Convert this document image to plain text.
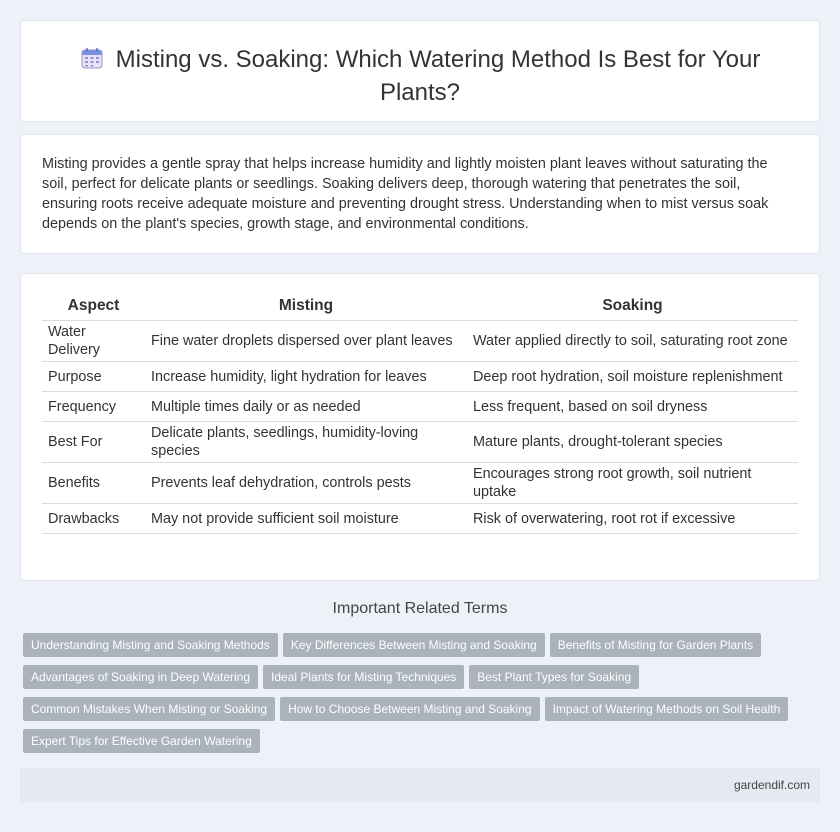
Misting vs. Soaking: Which Watering Method Is Best for Your Plants?

Misting provides a gentle spray that helps increase humidity and lightly moisten plant leaves without saturating the soil, perfect for delicate plants or seedlings. Soaking delivers deep, thorough watering that penetrates the soil, ensuring roots receive adequate moisture and preventing drought stress. Understanding when to mist versus soak depends on the plant's species, growth stage, and environmental conditions.

Aspect	Misting	Soaking
Water Delivery	Fine water droplets dispersed over plant leaves	Water applied directly to soil, saturating root zone
Purpose	Increase humidity, light hydration for leaves	Deep root hydration, soil moisture replenishment
Frequency	Multiple times daily or as needed	Less frequent, based on soil dryness
Best For	Delicate plants, seedlings, humidity-loving species	Mature plants, drought-tolerant species
Benefits	Prevents leaf dehydration, controls pests	Encourages strong root growth, soil nutrient uptake
Drawbacks	May not provide sufficient soil moisture	Risk of overwatering, root rot if excessive
Important Related Terms
Understanding Misting and Soaking Methods Key Differences Between Misting and Soaking Benefits of Misting for Garden Plants
Advantages of Soaking in Deep Watering Ideal Plants for Misting Techniques Best Plant Types for Soaking
Common Mistakes When Misting or Soaking How to Choose Between Misting and Soaking Impact of Watering Methods on Soil Health
Expert Tips for Effective Garden Watering
gardendif.com
